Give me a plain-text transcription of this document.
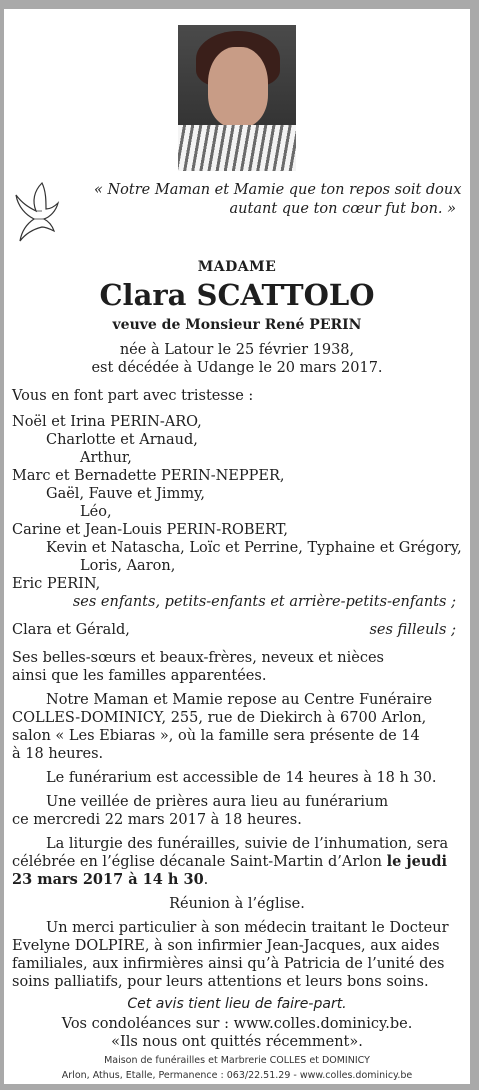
« Notre Maman et Mamie que ton repos soit doux
autant que ton cœur fut bon. »
MADAME
Clara SCATTOLO
veuve de Monsieur René PERIN
née à Latour le 25 février 1938,
est décédée à Udange le 20 mars 2017.
Vous en font part avec tristesse :
Noël et Irina PERIN-ARO,
Charlotte et Arnaud,
Arthur,
Marc et Bernadette PERIN-NEPPER,
Gaël, Fauve et Jimmy,
Léo,
Carine et Jean-Louis PERIN-ROBERT,
Kevin et Natascha, Loïc et Perrine, Typhaine et Grégory,
Loris, Aaron,
Eric PERIN,
ses enfants, petits-enfants et arrière-petits-enfants ;
Clara et Gérald,	ses filleuls ;
Ses belles-sœurs et beaux-frères, neveux et nièces
ainsi que les familles apparentées.
Notre Maman et Mamie repose au Centre Funéraire
COLLES-DOMINICY, 255, rue de Diekirch à 6700 Arlon,
salon « Les Ebiaras », où la famille sera présente de 14
à 18 heures.
Le funérarium est accessible de 14 heures à 18 h 30.
Une veillée de prières aura lieu au funérarium
ce mercredi 22 mars 2017 à 18 heures.
La liturgie des funérailles, suivie de l’inhumation, sera
célébrée en l’église décanale Saint-Martin d’Arlon le jeudi
23 mars 2017 à 14 h 30.
Réunion à l’église.
Un merci particulier à son médecin traitant le Docteur
Evelyne DOLPIRE, à son infirmier Jean-Jacques, aux aides
familiales, aux infirmières ainsi qu’à Patricia de l’unité des
soins palliatifs, pour leurs attentions et leurs bons soins.
Cet avis tient lieu de faire-part.
Vos condoléances sur : www.colles.dominicy.be.
«Ils nous ont quittés récemment».
Maison de funérailles et Marbrerie COLLES et DOMINICY
Arlon, Athus, Etalle, Permanence : 063/22.51.29 - www.colles.dominicy.be
